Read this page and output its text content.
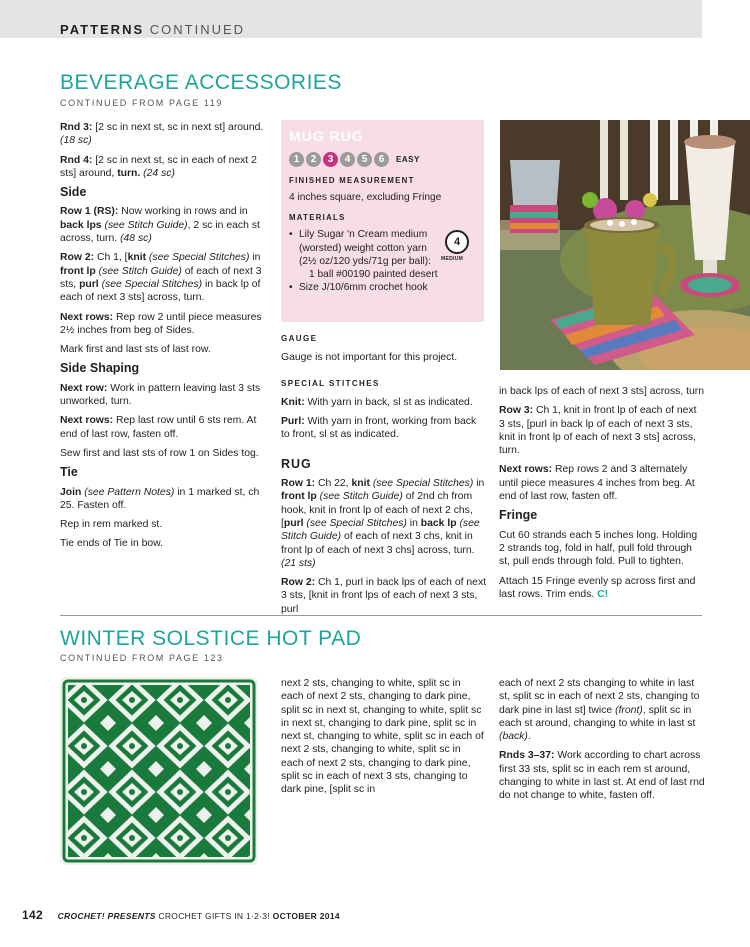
PATTERNS CONTINUED
BEVERAGE ACCESSORIES
CONTINUED FROM PAGE 119

Rnd 3: [2 sc in next st, sc in next st] around. (18 sc)

Rnd 4: [2 sc in next st, sc in each of next 2 sts] around, turn. (24 sc)

Side

Row 1 (RS): Now working in rows and in back lps (see Stitch Guide), 2 sc in each st across, turn. (48 sc)

Row 2: Ch 1, [knit (see Special Stitches) in front lp (see Stitch Guide) of each of next 3 sts, purl (see Special Stitches) in back lp of each of next 3 sts] across, turn.

Next rows: Rep row 2 until piece measures 2½ inches from beg of Sides.

Mark first and last sts of last row.

Side Shaping

Next row: Work in pattern leaving last 3 sts unworked, turn.

Next rows: Rep last row until 6 sts rem. At end of last row, fasten off.

Sew first and last sts of row 1 on Sides tog.

Tie

Join (see Pattern Notes) in 1 marked st, ch 25. Fasten off.

Rep in rem marked st.

Tie ends of Tie in bow.

MUG RUG
1	2	3	4	5	6	EASY
FINISHED MEASUREMENT
4 inches square, excluding Fringe
MATERIALS
• Lily Sugar 'n Cream medium (worsted) weight cotton yarn (2½ oz/120 yds/71g per ball):

1 ball #00190 painted desert
• Size J/10/6mm crochet hook
4
MEDIUM
GAUGE

Gauge is not important for this project.

SPECIAL STITCHES

Knit: With yarn in back, sl st as indicated.

Purl: With yarn in front, working from back to front, sl st as indicated.

RUG

Row 1: Ch 22, knit (see Special Stitches) in front lp (see Stitch Guide) of 2nd ch from hook, knit in front lp of each of next 2 chs, [purl (see Special Stitches) in back lp (see Stitch Guide) of each of next 3 chs, knit in front lp of each of next 3 chs] across, turn. (21 sts)

Row 2: Ch 1, purl in back lps of each of next 3 sts, [knit in front lps of each of next 3 sts, purl

in back lps of each of next 3 sts] across, turn

Row 3: Ch 1, knit in front lp of each of next 3 sts, [purl in back lp of each of next 3 sts, knit in front lp of each of next 3 sts] across, turn.

Next rows: Rep rows 2 and 3 alternately until piece measures 4 inches from beg. At end of last row, fasten off.

Fringe

Cut 60 strands each 5 inches long. Holding 2 strands tog, fold in half, pull fold through st, pull ends through fold. Pull to tighten.

Attach 15 Fringe evenly sp across first and last rows. Trim ends. C!

WINTER SOLSTICE HOT PAD
CONTINUED FROM PAGE 123

next 2 sts, changing to white, split sc in each of next 2 sts, changing to dark pine, split sc in next st, changing to white, split sc in next st, changing to dark pine, split sc in next st, changing to white, split sc in each of next 2 sts, changing to white, split sc in each of next 2 sts, changing to dark pine, split sc in each of next 3 sts, changing to dark pine, [split sc in

each of next 2 sts changing to white in last st, split sc in each of next 2 sts, changing to dark pine in last st] twice (front), split sc in each st around, changing to white in last st (back).

Rnds 3–37: Work according to chart across first 33 sts, split sc in each rem st around, changing to white in last st. At end of last rnd do not change to white, fasten off.

142 CROCHET! PRESENTS CROCHET GIFTS IN 1·2·3! OCTOBER 2014
